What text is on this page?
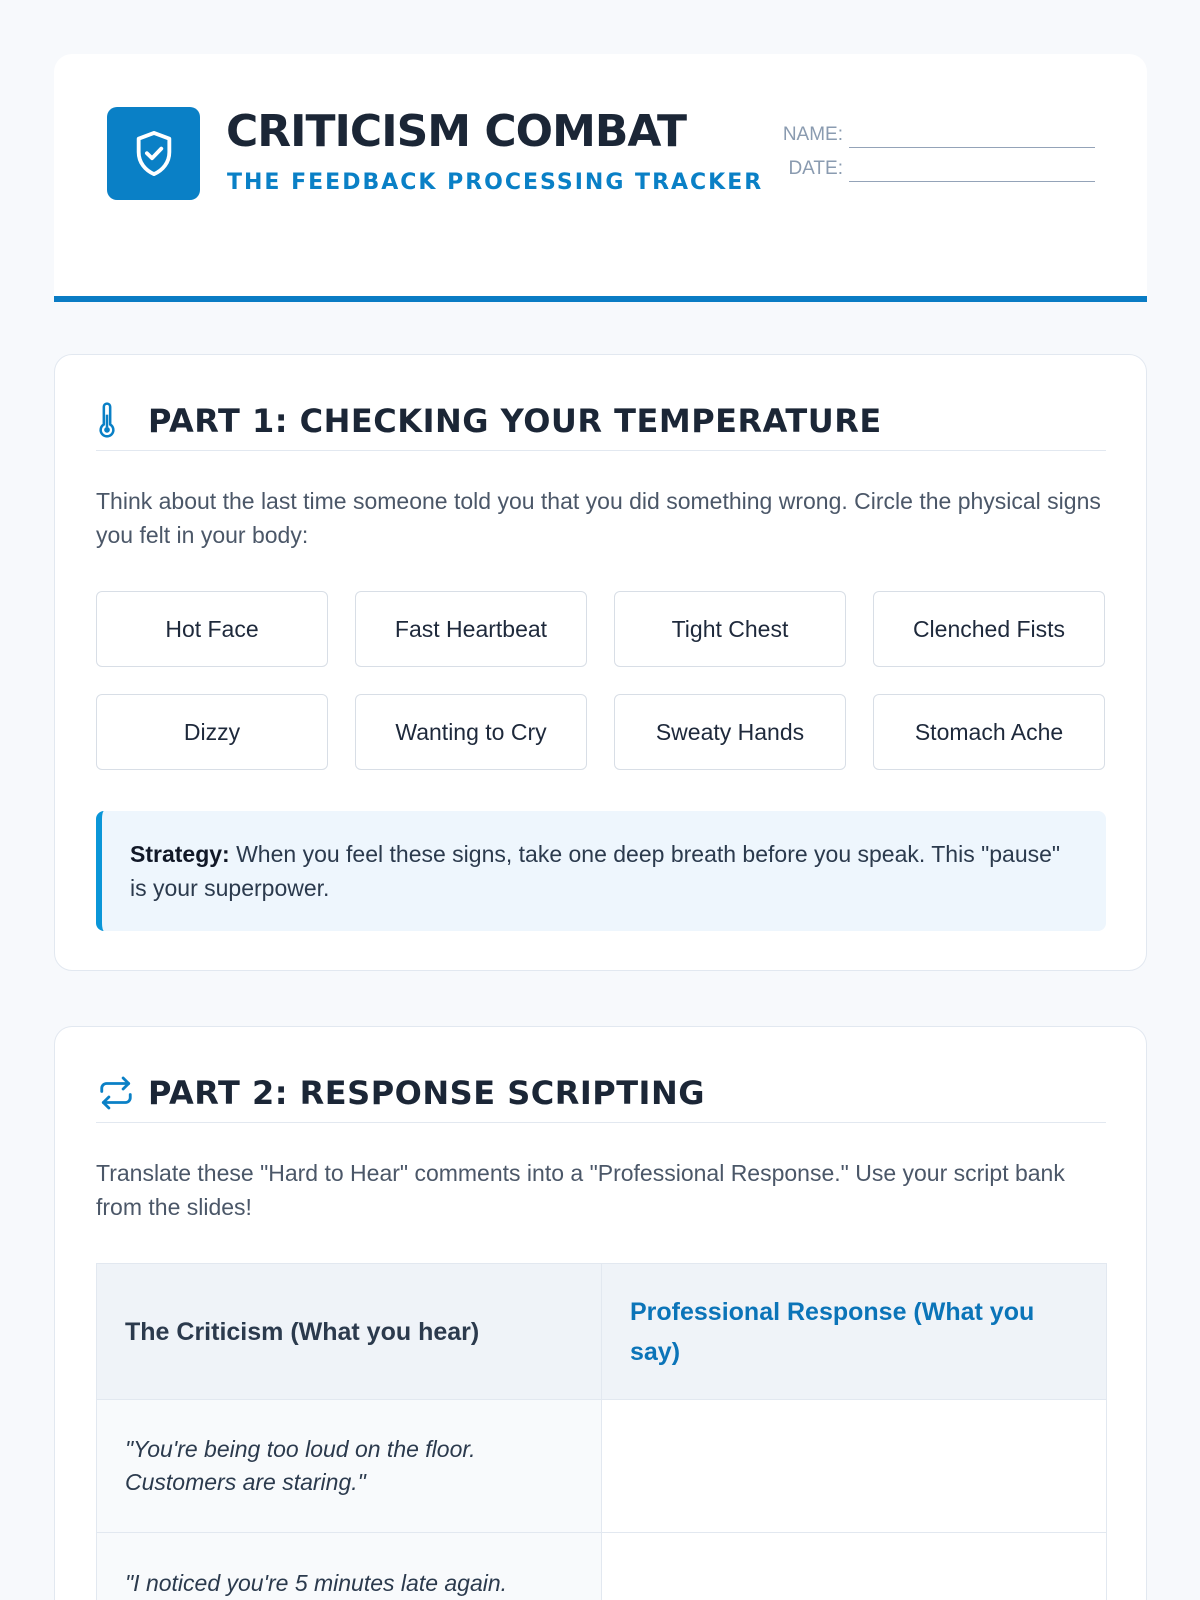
CRITICISM COMBAT
THE FEEDBACK PROCESSING TRACKER
NAME:
DATE:
PART 1: CHECKING YOUR TEMPERATURE

Think about the last time someone told you that you did something wrong. Circle the physical signs you felt in your body:

Hot Face	Fast Heartbeat	Tight Chest	Clenched Fists
Dizzy	Wanting to Cry	Sweaty Hands	Stomach Ache
Strategy: When you feel these signs, take one deep breath before you speak. This "pause" is your superpower.
PART 2: RESPONSE SCRIPTING

Translate these "Hard to Hear" comments into a "Professional Response." Use your script bank from the slides!

The Criticism (What you hear)	Professional Response (What you say)
"You're being too loud on the floor. Customers are staring."	
"I noticed you're 5 minutes late again.	
